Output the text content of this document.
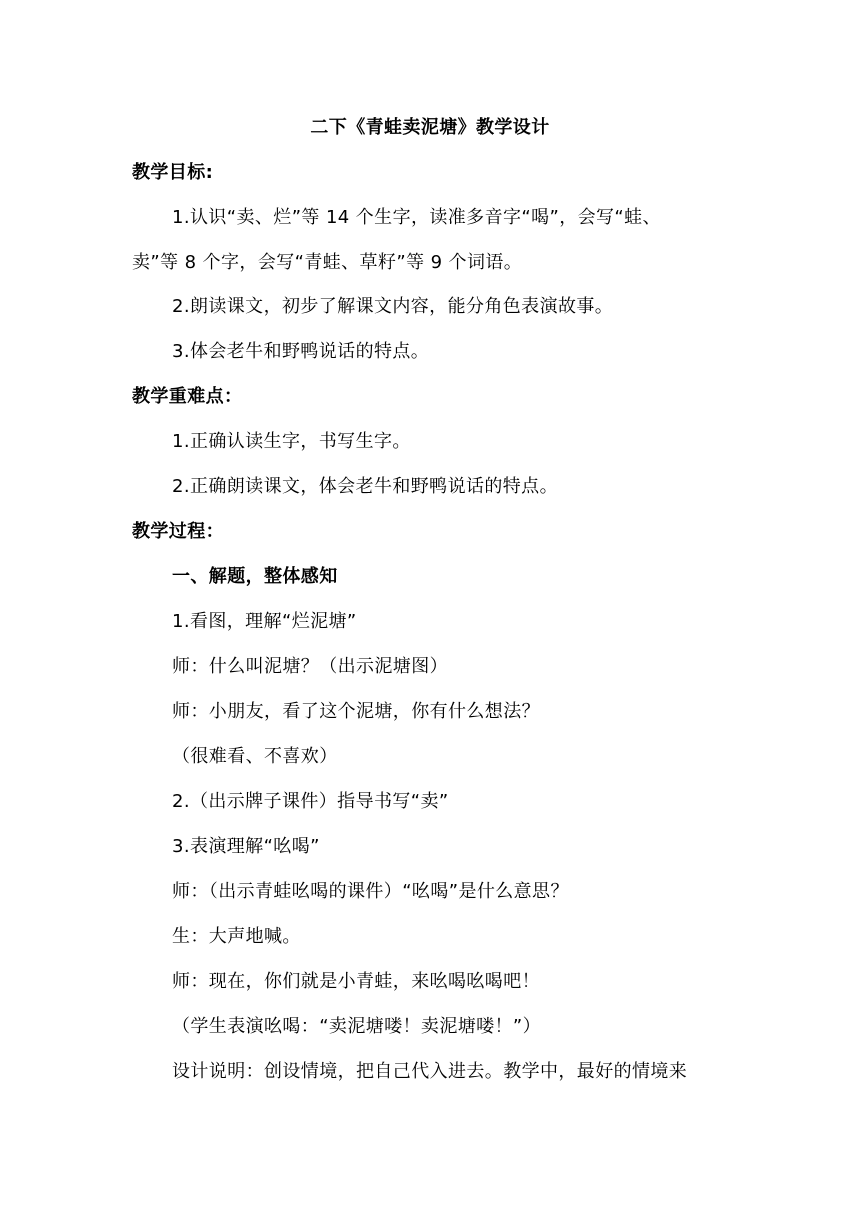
二下《青蛙卖泥塘》教学设计
教学目标:
1.认识“卖、烂”等 14 个生字，读准多音字“喝”，会写“蛙、
卖”等 8 个字，会写“青蛙、草籽”等 9 个词语。
2.朗读课文，初步了解课文内容，能分角色表演故事。
3.体会老牛和野鸭说话的特点。
教学重难点：
1.正确认读生字，书写生字。
2.正确朗读课文，体会老牛和野鸭说话的特点。
教学过程：
一、解题，整体感知
1.看图，理解“烂泥塘”
师：什么叫泥塘？（出示泥塘图）
师：小朋友，看了这个泥塘，你有什么想法？
（很难看、不喜欢）
2.（出示牌子课件）指导书写“卖”
3.表演理解“吆喝”
师：（出示青蛙吆喝的课件）“吆喝”是什么意思？
生：大声地喊。
师：现在，你们就是小青蛙，来吆喝吆喝吧！
（学生表演吆喝：“卖泥塘喽！卖泥塘喽！”）
设计说明：创设情境，把自己代入进去。教学中，最好的情境来
